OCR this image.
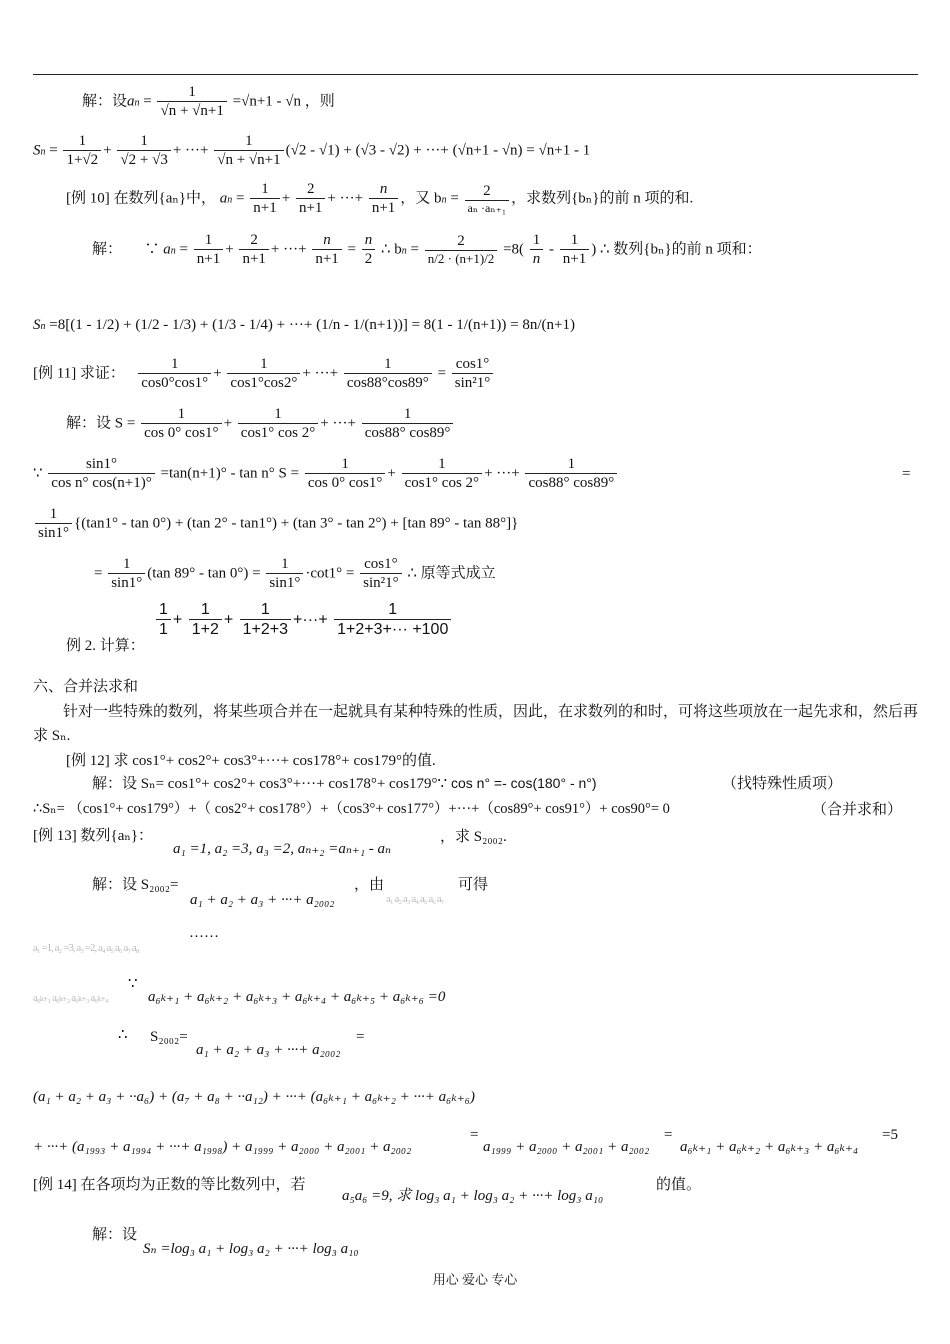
解：设an = $\frac{1}{√n + √n+1} =√n+1 - √n$ ，则
$Sn = \frac{1}{1+√2} + \frac{1}{√2 + √3}$ + ···+ $\frac{1}{√n + √n+1} (√2 - √1) + (√3 - √2)$ + ···+ (√n+1 - √n) = √n+1 - 1
[例 10] 在数列{aₙ}中， an = $\frac{1}{n+1} + \frac{2}{n+1}$ + ···+ $\frac{n}{n+1}$ ，又 bn = $\frac{2}{\text{aₙ ·aₙ₊₁}}$ ，求数列{bₙ}的前 n 项的和.
解： ∵ an = $\frac{1}{n+1} + \frac{2}{n+1}$ + ···+ $\frac{n}{n+1} = \frac{n}{2}$ ∴ bn = $\frac{2}{n/2 \cdot (n+1)/2} =8( \frac{1}{n} - \frac{1}{n+1}$ ) ∴ 数列{bₙ}的前 n 项和：
Sn =8[(1 - 1/2) + (1/2 - 1/3) + (1/3 - 1/4) + ···+ (1/n - 1/(n+1))] = 8(1 - 1/(n+1)) = 8n/(n+1)
[例 11] 求证： $\frac{1}{\cos 0^\circ\cos 1^\circ} + \frac{1}{\cos 1^\circ\cos 2^\circ}$ + ···+ $\frac{1}{\cos 88^\circ\cos 89^\circ} = \frac{\cos 1^\circ}{\text{sin²1°}}$
解：设 $S = \frac{1}{\cos 0^\circ \cos 1^\circ} + \frac{1}{\cos 1^\circ \cos 2^\circ}$ + ···+ $\frac{1}{\cos 88^\circ \cos 89^\circ}$
∵ $\frac{\sin 1^\circ}{\text{cos n° cos(n+1)°}} =\tan(n+1)^\circ - \tan n^\circ$ $S = \frac{1}{\cos 0^\circ \cos 1^\circ} + \frac{1}{\cos 1^\circ \cos 2^\circ}$ + ···+ $\frac{1}{\cos 88^\circ \cos 89^\circ}$	=
$\frac{1}{\sin 1^\circ} \{(\tan 1^\circ - \tan 0^\circ) + (\tan$ 2° - tan1°) + (tan 3° - tan 2°) + [tan 89° - tan 88°]}
= $\frac{1}{\sin 1^\circ} (\tan$ $89^\circ - \tan 0^\circ) = \frac{1}{\sin 1^\circ} \cdot\cot 1^\circ = \frac{\cos 1^\circ}{\text{sin²1°}}$ ∴ 原等式成立
$\frac{1}{1} + \frac{1}{1+2} + \frac{1}{1+2+3}$ +···+ $\frac{1}{1+2+3+\cdot\cdot\cdot +100}$
例 2. 计算：
六、合并法求和
针对一些特殊的数列，将某些项合并在一起就具有某种特殊的性质，因此，在求数列的和时，可将这些项放在一起先求和，然后再求 Sₙ.
[例 12] 求 cos1°+ cos2°+ cos3°+···+ cos178°+ cos179°的值.
解：设 Sₙ= cos1°+ cos2°+ cos3°+···+ cos178°+ cos179°∵ cos n° =- cos(180° - n°)	（找特殊性质项）
∴Sₙ= （cos1°+ cos179°）+（ cos2°+ cos178°）+（cos3°+ cos177°）+···+（cos89°+ cos91°）+ cos90°= 0	（合并求和）
[例 13] 数列{aₙ}：
a₁ =1, a₂ =3, a₃ =2, aₙ₊₂ =aₙ₊₁ - aₙ
，求 S₂₀₀₂.
解：设 S₂₀₀₂=
a₁ + a₂ + a₃ + ···+ a₂₀₀₂
，由
a₁ a₂ a₃ a₄ a₅ a₆ a₇
可得
a₁ =1, a₂ =3, a₃ =2, a₄ a₅ a₆ a₇ a₈
……
a₆ₖ₊₁ a₆ₖ₊₂ a₆ₖ₊₃ a₆ₖ₊₄
∵
a₆ₖ₊₁ + a₆ₖ₊₂ + a₆ₖ₊₃ + a₆ₖ₊₄ + a₆ₖ₊₅ + a₆ₖ₊₆ =0
∴ S₂₀₀₂=
a₁ + a₂ + a₃ + ···+ a₂₀₀₂
=
(a₁ + a₂ + a₃ + ··a₆) + (a₇ + a₈ + ··a₁₂) + ···+ (a₆ₖ₊₁ + a₆ₖ₊₂ + ···+ a₆ₖ₊₆)
+ ···+ (a₁₉₉₃ + a₁₉₉₄ + ···+ a₁₉₉₈) + a₁₉₉₉ + a₂₀₀₀ + a₂₀₀₁ + a₂₀₀₂
=
a₁₉₉₉ + a₂₀₀₀ + a₂₀₀₁ + a₂₀₀₂
=
a₆ₖ₊₁ + a₆ₖ₊₂ + a₆ₖ₊₃ + a₆ₖ₊₄
=5
[例 14] 在各项均为正数的等比数列中，若
a₅a₆ =9, 求 log₃ a₁ + log₃ a₂ + ···+ log₃ a₁₀
的值。
解：设
Sₙ =log₃ a₁ + log₃ a₂ + ···+ log₃ a₁₀
用心 爱心 专心
